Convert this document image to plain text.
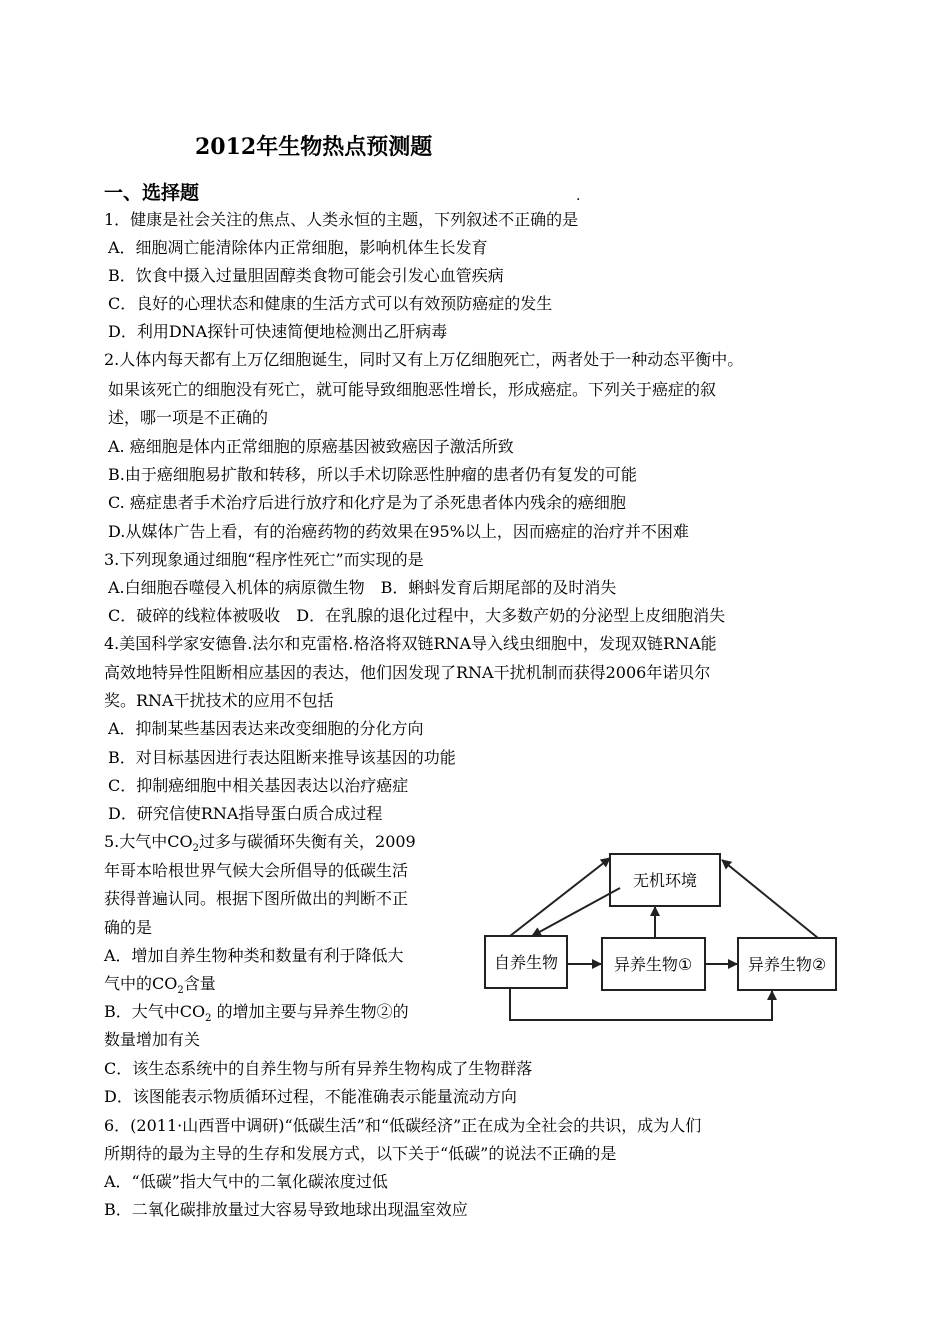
2012年生物热点预测题
一、选择题	.
1．健康是社会关注的焦点、人类永恒的主题，下列叙述不正确的是
A．细胞凋亡能清除体内正常细胞，影响机体生长发育
B．饮食中摄入过量胆固醇类食物可能会引发心血管疾病
C．良好的心理状态和健康的生活方式可以有效预防癌症的发生
D．利用DNA探针可快速简便地检测出乙肝病毒
2.人体内每天都有上万亿细胞诞生，同时又有上万亿细胞死亡，两者处于一种动态平衡中。
如果该死亡的细胞没有死亡，就可能导致细胞恶性增长，形成癌症。下列关于癌症的叙
述，哪一项是不正确的
A. 癌细胞是体内正常细胞的原癌基因被致癌因子激活所致
B.由于癌细胞易扩散和转移，所以手术切除恶性肿瘤的患者仍有复发的可能
C. 癌症患者手术治疗后进行放疗和化疗是为了杀死患者体内残余的癌细胞
D.从媒体广告上看，有的治癌药物的药效果在95%以上，因而癌症的治疗并不困难
3.下列现象通过细胞“程序性死亡”而实现的是
A.白细胞吞噬侵入机体的病原微生物　B．蝌蚪发育后期尾部的及时消失
C．破碎的线粒体被吸收　D．在乳腺的退化过程中，大多数产奶的分泌型上皮细胞消失
4.美国科学家安德鲁.法尔和克雷格.格洛将双链RNA导入线虫细胞中，发现双链RNA能
高效地特异性阻断相应基因的表达，他们因发现了RNA干扰机制而获得2006年诺贝尔
奖。RNA干扰技术的应用不包括
A．抑制某些基因表达来改变细胞的分化方向
B．对目标基因进行表达阻断来推导该基因的功能
C．抑制癌细胞中相关基因表达以治疗癌症
D．研究信使RNA指导蛋白质合成过程
5.大气中$CO_2$过多与碳循环失衡有关，2009
年哥本哈根世界气候大会所倡导的低碳生活
获得普遍认同。根据下图所做出的判断不正
确的是
A．增加自养生物种类和数量有利于降低大
气中的$CO_2$含量
B．大气中$CO_2$ 的增加主要与异养生物②的
数量增加有关
C．该生态系统中的自养生物与所有异养生物构成了生物群落
D．该图能表示物质循环过程，不能准确表示能量流动方向
无机环境
自养生物	异养生物①	异养生物②
6．(2011·山西晋中调研)“低碳生活”和“低碳经济”正在成为全社会的共识，成为人们
所期待的最为主导的生存和发展方式，以下关于“低碳”的说法不正确的是
A．“低碳”指大气中的二氧化碳浓度过低
B．二氧化碳排放量过大容易导致地球出现温室效应
